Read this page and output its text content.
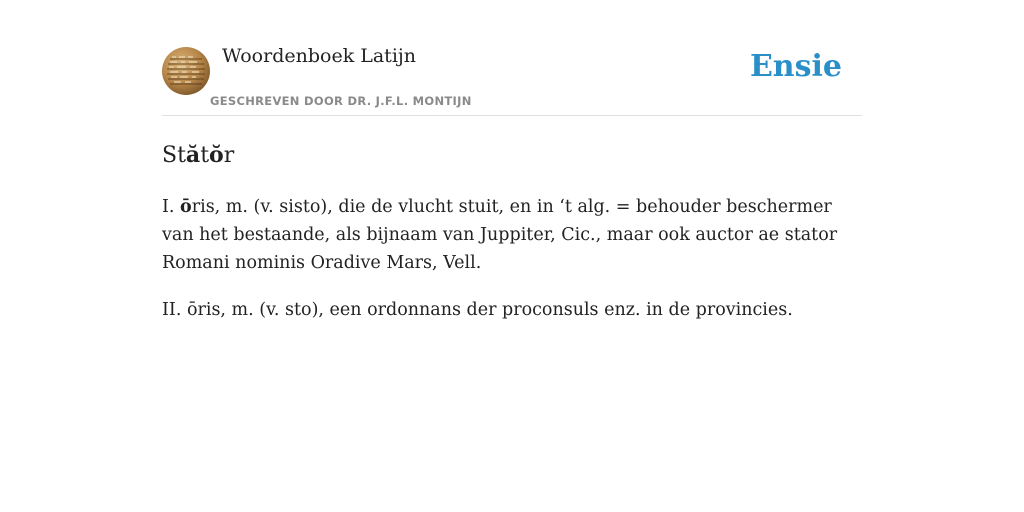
Woordenboek Latijn
GESCHREVEN DOOR DR. J.F.L. MONTIJN
Ensie
Stătŏr

I. ōris, m. (v. sisto), die de vlucht stuit, en in ‘t alg. = behouder beschermer van het bestaande, als bijnaam van Juppiter, Cic., maar ook auctor ae stator Romani nominis Oradive Mars, Vell.

II. ōris, m. (v. sto), een ordonnans der proconsuls enz. in de provincies.
